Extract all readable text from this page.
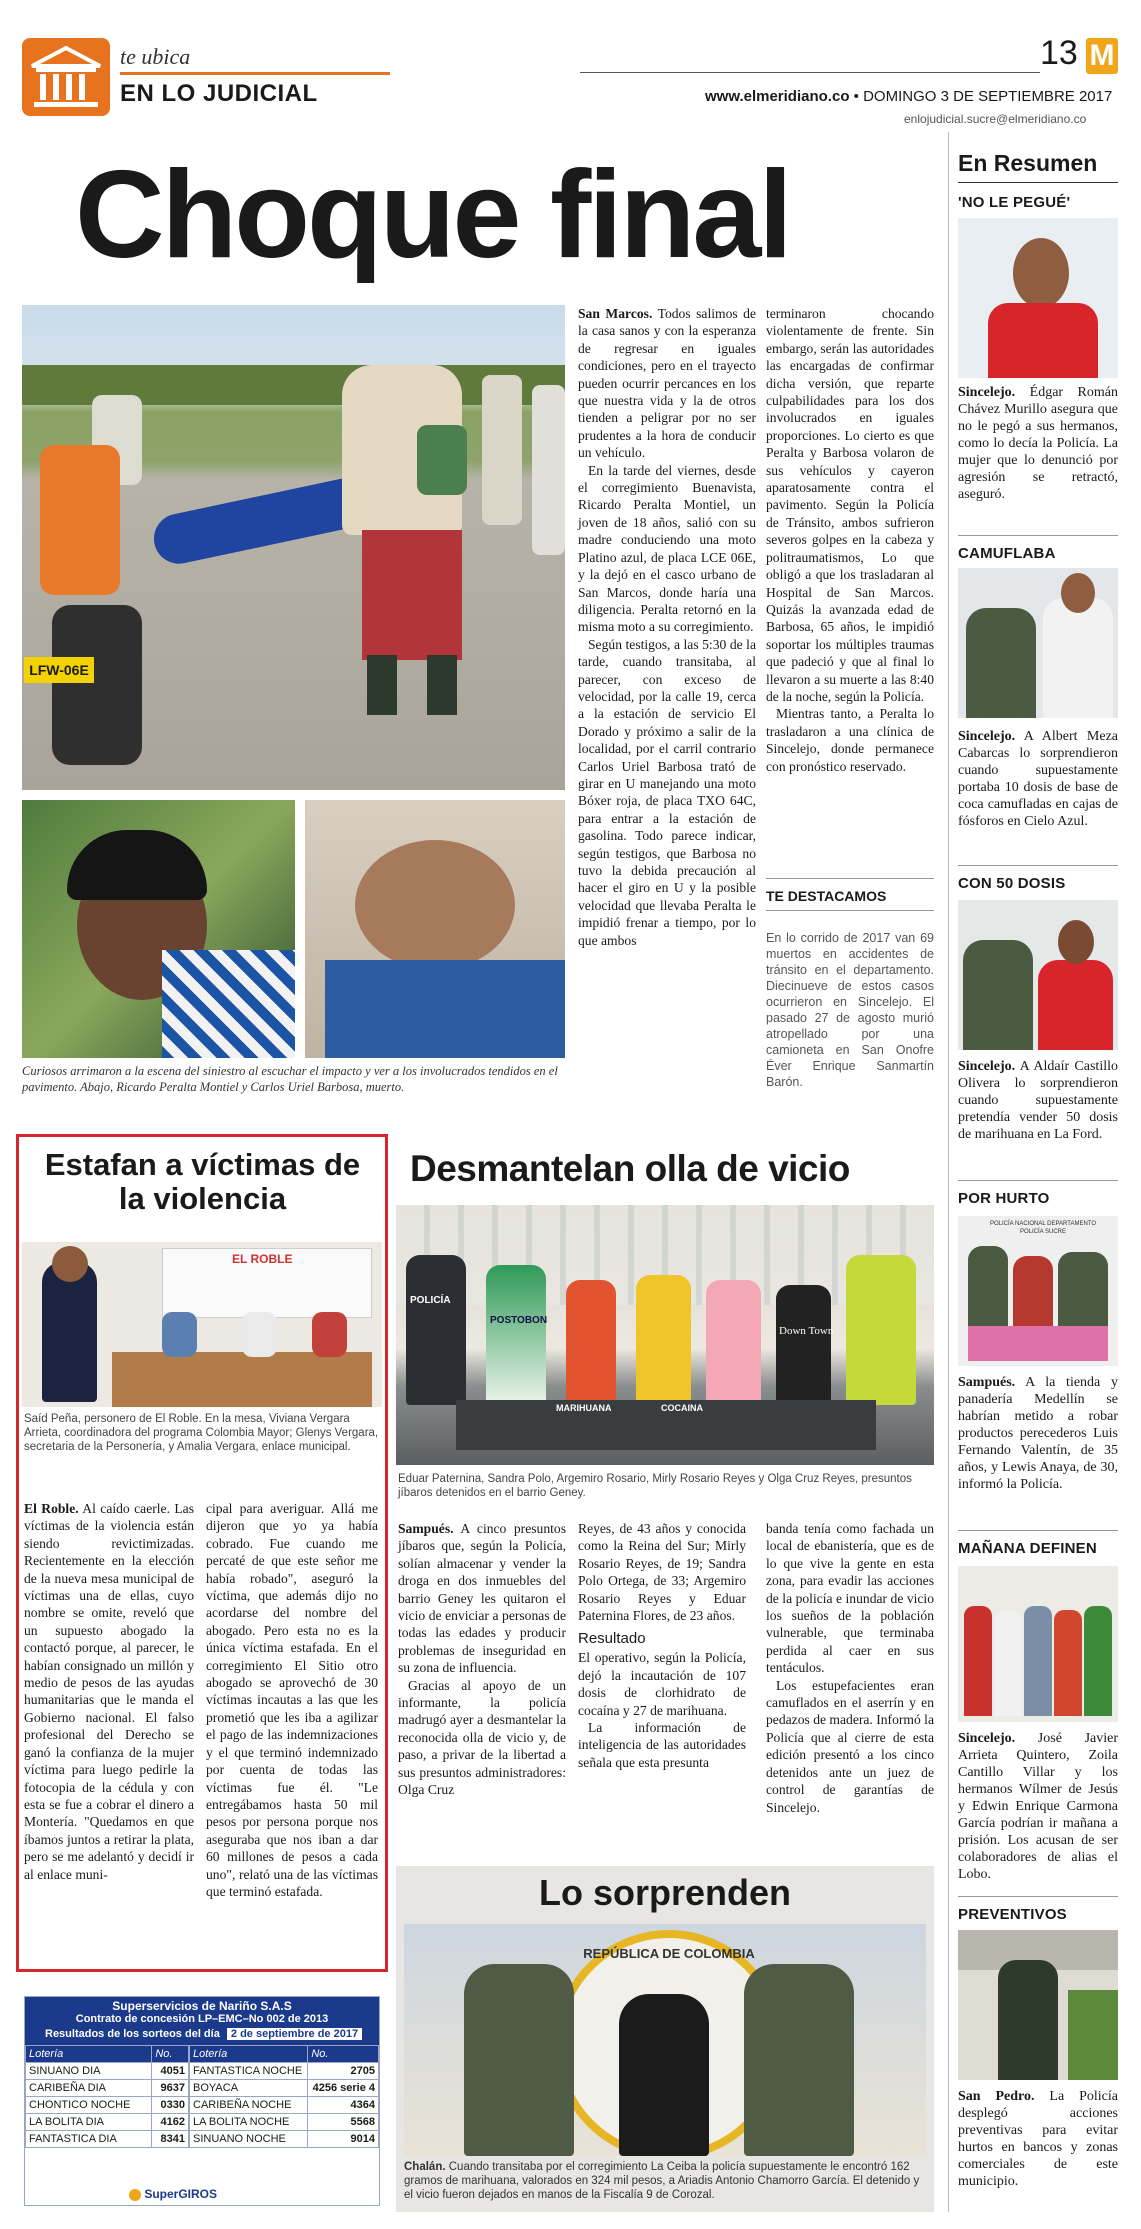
te ubica
EN LO JUDICIAL
13 M
www.elmeridiano.co • DOMINGO 3 DE SEPTIEMBRE 2017
enlojudicial.sucre@elmeridiano.co
Choque final
LFW-06E
Curiosos arrimaron a la escena del siniestro al escuchar el impacto y ver a los involucrados tendidos en el pavimento. Abajo, Ricardo Peralta Montiel y Carlos Uriel Barbosa, muerto.

San Marcos. Todos salimos de la casa sanos y con la esperanza de regresar en iguales condiciones, pero en el trayecto pueden ocurrir percances en los que nuestra vida y la de otros tienden a peligrar por no ser prudentes a la hora de conducir un vehículo.

En la tarde del viernes, desde el corregimiento Buenavista, Ricardo Peralta Montiel, un joven de 18 años, salió con su madre conduciendo una moto Platino azul, de placa LCE 06E, y la dejó en el casco urbano de San Marcos, donde haría una diligencia. Peralta retornó en la misma moto a su corregimiento.

Según testigos, a las 5:30 de la tarde, cuando transitaba, al parecer, con exceso de velocidad, por la calle 19, cerca a la estación de servicio El Dorado y próximo a salir de la localidad, por el carril contrario Carlos Uriel Barbosa trató de girar en U manejando una moto Bóxer roja, de placa TXO 64C, para entrar a la estación de gasolina. Todo parece indicar, según testigos, que Barbosa no tuvo la debida precaución al hacer el giro en U y la posible velocidad que llevaba Peralta le impidió frenar a tiempo, por lo que ambos

terminaron chocando violentamente de frente. Sin embargo, serán las autoridades las encargadas de confirmar dicha versión, que reparte culpabilidades para los dos involucrados en iguales proporciones. Lo cierto es que Peralta y Barbosa volaron de sus vehículos y cayeron aparatosamente contra el pavimento. Según la Policía de Tránsito, ambos sufrieron severos golpes en la cabeza y politraumatismos, Lo que obligó a que los trasladaran al Hospital de San Marcos. Quizás la avanzada edad de Barbosa, 65 años, le impidió soportar los múltiples traumas que padeció y que al final lo llevaron a su muerte a las 8:40 de la noche, según la Policía.

Mientras tanto, a Peralta lo trasladaron a una clínica de Sincelejo, donde permanece con pronóstico reservado.

TE DESTACAMOS
En lo corrido de 2017 van 69 muertos en accidentes de tránsito en el departamento. Diecinueve de estos casos ocurrieron en Sincelejo. El pasado 27 de agosto murió atropellado por una camioneta en San Onofre Éver Enrique Sanmartín Barón.
Estafan a víctimas de la violencia
EL ROBLE
Saíd Peña, personero de El Roble. En la mesa, Viviana Vergara Arrieta, coordinadora del programa Colombia Mayor; Glenys Vergara, secretaria de la Personería, y Amalia Vergara, enlace municipal.

El Roble. Al caído caerle. Las víctimas de la violencia están siendo revictimizadas. Recientemente en la elección de la nueva mesa municipal de víctimas una de ellas, cuyo nombre se omite, reveló que un supuesto abogado la contactó porque, al parecer, le habían consignado un millón y medio de pesos de las ayudas humanitarias que le manda el Gobierno nacional. El falso profesional del Derecho se ganó la confianza de la mujer víctima para luego pedirle la fotocopia de la cédula y con esta se fue a cobrar el dinero a Montería. "Quedamos en que íbamos juntos a retirar la plata, pero se me adelantó y decidí ir al enlace muni-

cipal para averiguar. Allá me dijeron que yo ya había cobrado. Fue cuando me percaté de que este señor me había robado", aseguró la víctima, que además dijo no acordarse del nombre del abogado. Pero esta no es la única víctima estafada. En el corregimiento El Sitio otro abogado se aprovechó de 30 víctimas incautas a las que les prometió que les iba a agilizar el pago de las indemnizaciones y el que terminó indemnizado por cuenta de todas las víctimas fue él. "Le entregábamos hasta 50 mil pesos por persona porque nos aseguraba que nos iban a dar 60 millones de pesos a cada uno", relató una de las víctimas que terminó estafada.

Superservicios de Nariño S.A.S
Contrato de concesión LP–EMC–No 002 de 2013
Resultados de los sorteos del día 2 de septiembre de 2017
Lotería	No.
SINUANO DIA	4051
CARIBEÑA DIA	9637
CHONTICO NOCHE	0330
LA BOLITA DIA	4162
FANTASTICA DIA	8341
Lotería	No.
FANTASTICA NOCHE	2705
BOYACA	4256 serie 4
CARIBEÑA NOCHE	4364
LA BOLITA NOCHE	5568
SINUANO NOCHE	9014
SuperGIROS
Desmantelan olla de vicio
POLICÍA
POSTOBON
Down Town
MARIHUANA	COCAINA
Eduar Paternina, Sandra Polo, Argemiro Rosario, Mirly Rosario Reyes y Olga Cruz Reyes, presuntos jíbaros detenidos en el barrio Geney.

Sampués. A cinco presuntos jíbaros que, según la Policía, solían almacenar y vender la droga en dos inmuebles del barrio Geney les quitaron el vicio de enviciar a personas de todas las edades y producir problemas de inseguridad en su zona de influencia.

Gracias al apoyo de un informante, la policía madrugó ayer a desmantelar la reconocida olla de vicio y, de paso, a privar de la libertad a sus presuntos administradores: Olga Cruz

Reyes, de 43 años y conocida como la Reina del Sur; Mirly Rosario Reyes, de 19; Sandra Polo Ortega, de 33; Argemiro Rosario Reyes y Eduar Paternina Flores, de 23 años.

Resultado

El operativo, según la Policía, dejó la incautación de 107 dosis de clorhidrato de cocaína y 27 de marihuana.

La información de inteligencia de las autoridades señala que esta presunta

banda tenía como fachada un local de ebanistería, que es de lo que vive la gente en esta zona, para evadir las acciones de la policía e inundar de vicio los sueños de la población vulnerable, que terminaba perdida al caer en sus tentáculos.

Los estupefacientes eran camuflados en el aserrín y en pedazos de madera. Informó la Policía que al cierre de esta edición presentó a los cinco detenidos ante un juez de control de garantías de Sincelejo.

Lo sorprenden
REPÚBLICA DE COLOMBIA
Chalán. Cuando transitaba por el corregimiento La Ceiba la policía supuestamente le encontró 162 gramos de marihuana, valorados en 324 mil pesos, a Ariadis Antonio Chamorro García. El detenido y el vicio fueron dejados en manos de la Fiscalía 9 de Corozal.
En Resumen
'NO LE PEGUÉ'
Sincelejo. Édgar Román Chávez Murillo asegura que no le pegó a sus hermanos, como lo decía la Policía. La mujer que lo denunció por agresión se retractó, aseguró.
CAMUFLABA
Sincelejo. A Albert Meza Cabarcas lo sorprendieron cuando supuestamente portaba 10 dosis de base de coca camufladas en cajas de fósforos en Cielo Azul.
CON 50 DOSIS
Sincelejo. A Aldaír Castillo Olivera lo sorprendieron cuando supuestamente pretendía vender 50 dosis de marihuana en La Ford.
POR HURTO
POLICÍA NACIONAL DEPARTAMENTO POLICÍA SUCRE
Sampués. A la tienda y panadería Medellín se habrían metido a robar productos perecederos Luis Fernando Valentín, de 35 años, y Lewis Anaya, de 30, informó la Policía.
MAÑANA DEFINEN
Sincelejo. José Javier Arrieta Quintero, Zoila Cantillo Villar y los hermanos Wílmer de Jesús y Edwin Enrique Carmona García podrían ir mañana a prisión. Los acusan de ser colaboradores de alias el Lobo.
PREVENTIVOS
San Pedro. La Policía desplegó acciones preventivas para evitar hurtos en bancos y zonas comerciales de este municipio.
